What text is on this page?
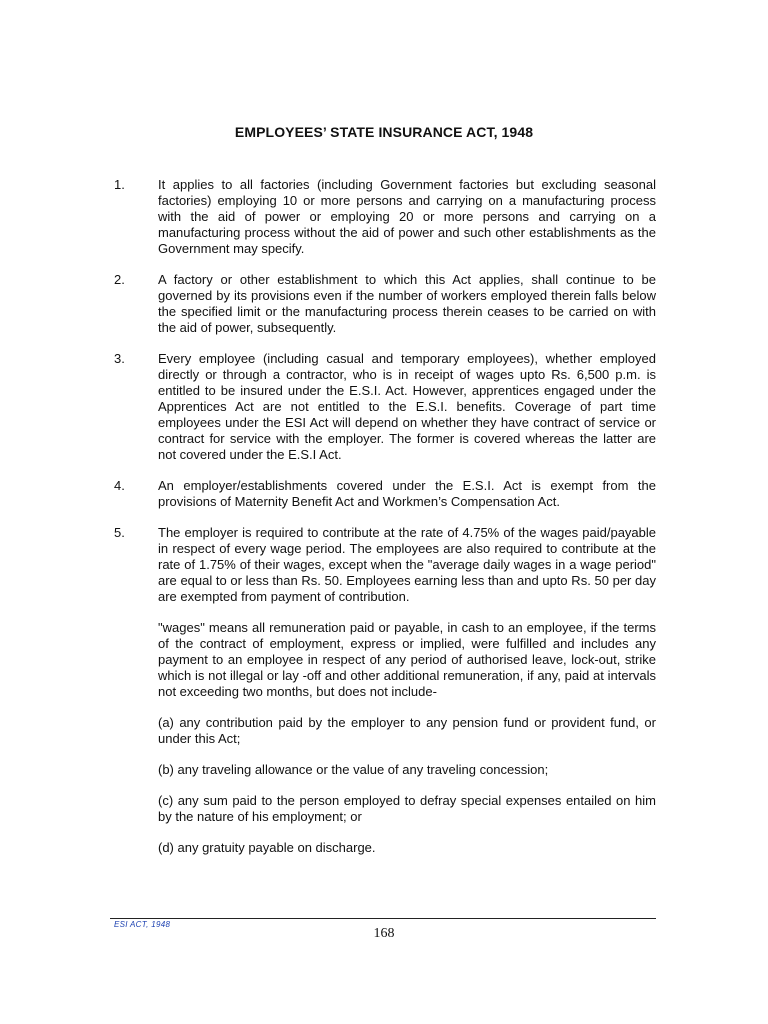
EMPLOYEES’ STATE INSURANCE ACT, 1948
1.	It applies to all factories (including Government factories but excluding seasonal factories) employing 10 or more persons and carrying on a manufacturing process with the aid of power or employing 20 or more persons and carrying on a manufacturing process without the aid of power and such other establishments as the Government may specify.
2.	A factory or other establishment to which this Act applies, shall continue to be governed by its provisions even if the number of workers employed therein falls below the specified limit or the manufacturing process therein ceases to be carried on with the aid of power, subsequently.
3.	Every employee (including casual and temporary employees), whether employed directly or through a contractor, who is in receipt of wages upto Rs. 6,500 p.m. is entitled to be insured under the E.S.I. Act. However, apprentices engaged under the Apprentices Act are not entitled to the E.S.I. benefits. Coverage of part time employees under the ESI Act will depend on whether they have contract of service or contract for service with the employer. The former is covered whereas the latter are not covered under the E.S.I Act.
4.	An employer/establishments covered under the E.S.I. Act is exempt from the provisions of Maternity Benefit Act and Workmen’s Compensation Act.
5.	The employer is required to contribute at the rate of 4.75% of the wages paid/payable in respect of every wage period. The employees are also required to contribute at the rate of 1.75% of their wages, except when the "average daily wages in a wage period" are equal to or less than Rs. 50. Employees earning less than and upto Rs. 50 per day are exempted from payment of contribution.
"wages" means all remuneration paid or payable, in cash to an employee, if the terms of the contract of employment, express or implied, were fulfilled and includes any payment to an employee in respect of any period of authorised leave, lock-out, strike which is not illegal or lay -off and other additional remuneration, if any, paid at intervals not exceeding two months, but does not include-
(a) any contribution paid by the employer to any pension fund or provident fund, or under this Act;
(b) any traveling allowance or the value of any traveling concession;
(c) any sum paid to the person employed to defray special expenses entailed on him by the nature of his employment; or
(d) any gratuity payable on discharge.
ESI ACT, 1948
168
